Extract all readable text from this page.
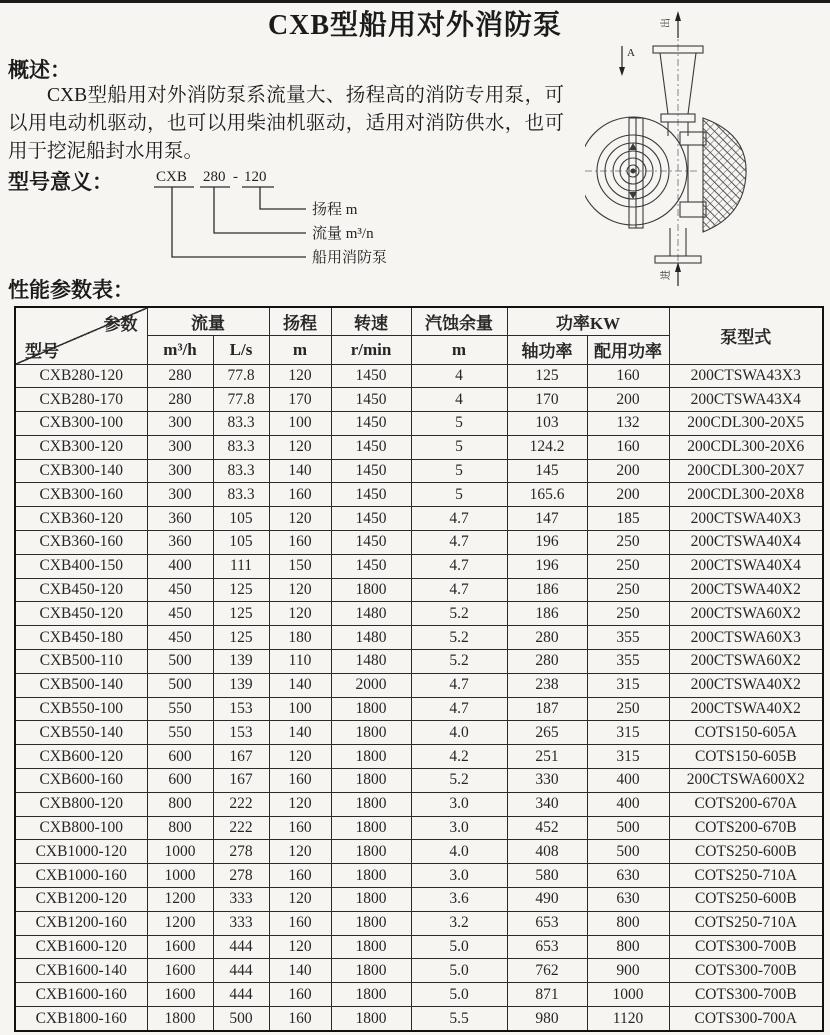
CXB型船用对外消防泵
概述：
CXB型船用对外消防泵系流量大、扬程高的消防专用泵，可以用电动机驱动，也可以用柴油机驱动，适用对消防供水，也可用于挖泥船封水用泵。
型号意义：	CXB 280 - 120
扬程 m
流量 m³/n
船用消防泵
出
A
进
性能参数表：
参数
型号	流量		扬程	转速	汽蚀余量	功率KW		泵型式
	m³/h	L/s	m	r/min	m	轴功率	配用功率	
CXB280-120	280	77.8	120	1450	4	125	160	200CTSWA43X3
CXB280-170	280	77.8	170	1450	4	170	200	200CTSWA43X4
CXB300-100	300	83.3	100	1450	5	103	132	200CDL300-20X5
CXB300-120	300	83.3	120	1450	5	124.2	160	200CDL300-20X6
CXB300-140	300	83.3	140	1450	5	145	200	200CDL300-20X7
CXB300-160	300	83.3	160	1450	5	165.6	200	200CDL300-20X8
CXB360-120	360	105	120	1450	4.7	147	185	200CTSWA40X3
CXB360-160	360	105	160	1450	4.7	196	250	200CTSWA40X4
CXB400-150	400	111	150	1450	4.7	196	250	200CTSWA40X4
CXB450-120	450	125	120	1800	4.7	186	250	200CTSWA40X2
CXB450-120	450	125	120	1480	5.2	186	250	200CTSWA60X2
CXB450-180	450	125	180	1480	5.2	280	355	200CTSWA60X3
CXB500-110	500	139	110	1480	5.2	280	355	200CTSWA60X2
CXB500-140	500	139	140	2000	4.7	238	315	200CTSWA40X2
CXB550-100	550	153	100	1800	4.7	187	250	200CTSWA40X2
CXB550-140	550	153	140	1800	4.0	265	315	COTS150-605A
CXB600-120	600	167	120	1800	4.2	251	315	COTS150-605B
CXB600-160	600	167	160	1800	5.2	330	400	200CTSWA600X2
CXB800-120	800	222	120	1800	3.0	340	400	COTS200-670A
CXB800-100	800	222	160	1800	3.0	452	500	COTS200-670B
CXB1000-120	1000	278	120	1800	4.0	408	500	COTS250-600B
CXB1000-160	1000	278	160	1800	3.0	580	630	COTS250-710A
CXB1200-120	1200	333	120	1800	3.6	490	630	COTS250-600B
CXB1200-160	1200	333	160	1800	3.2	653	800	COTS250-710A
CXB1600-120	1600	444	120	1800	5.0	653	800	COTS300-700B
CXB1600-140	1600	444	140	1800	5.0	762	900	COTS300-700B
CXB1600-160	1600	444	160	1800	5.0	871	1000	COTS300-700B
CXB1800-160	1800	500	160	1800	5.5	980	1120	COTS300-700A
